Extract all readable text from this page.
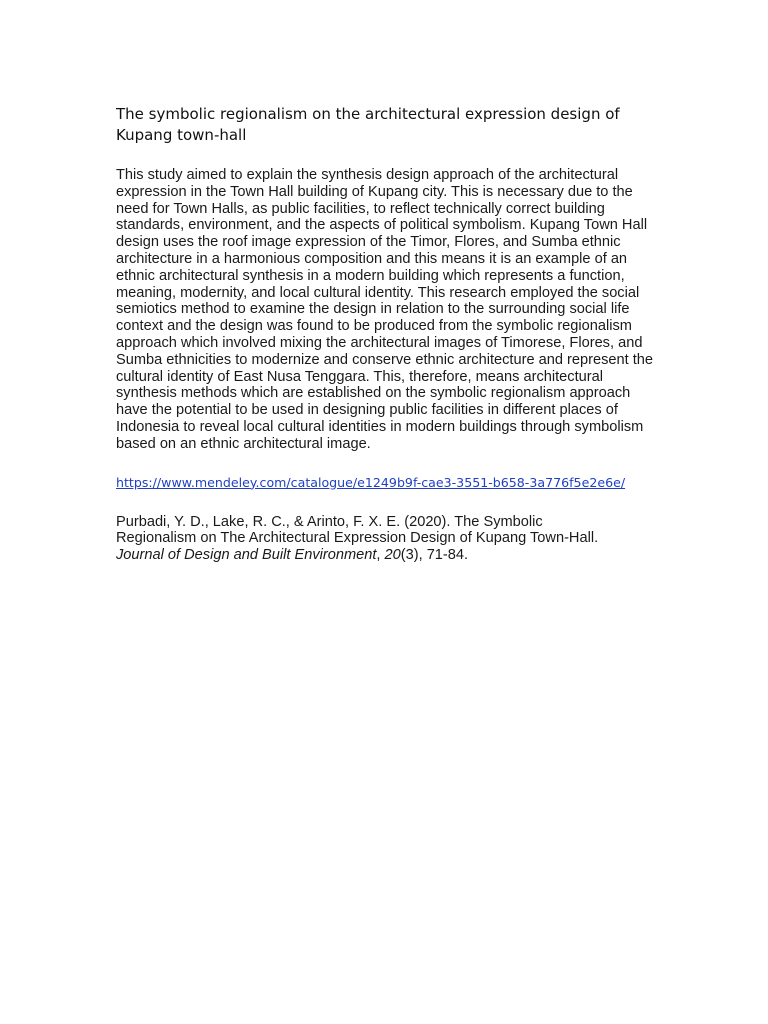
The symbolic regionalism on the architectural expression design of Kupang town-hall

This study aimed to explain the synthesis design approach of the architectural expression in the Town Hall building of Kupang city. This is necessary due to the need for Town Halls, as public facilities, to reflect technically correct building standards, environment, and the aspects of political symbolism. Kupang Town Hall design uses the roof image expression of the Timor, Flores, and Sumba ethnic architecture in a harmonious composition and this means it is an example of an ethnic architectural synthesis in a modern building which represents a function, meaning, modernity, and local cultural identity. This research employed the social semiotics method to examine the design in relation to the surrounding social life context and the design was found to be produced from the symbolic regionalism approach which involved mixing the architectural images of Timorese, Flores, and Sumba ethnicities to modernize and conserve ethnic architecture and represent the cultural identity of East Nusa Tenggara. This, therefore, means architectural synthesis methods which are established on the symbolic regionalism approach have the potential to be used in designing public facilities in different places of Indonesia to reveal local cultural identities in modern buildings through symbolism based on an ethnic architectural image.

https://www.mendeley.com/catalogue/e1249b9f-cae3-3551-b658-3a776f5e2e6e/

Purbadi, Y. D., Lake, R. C., & Arinto, F. X. E. (2020). The Symbolic Regionalism on The Architectural Expression Design of Kupang Town-Hall. Journal of Design and Built Environment, 20(3), 71-84.
